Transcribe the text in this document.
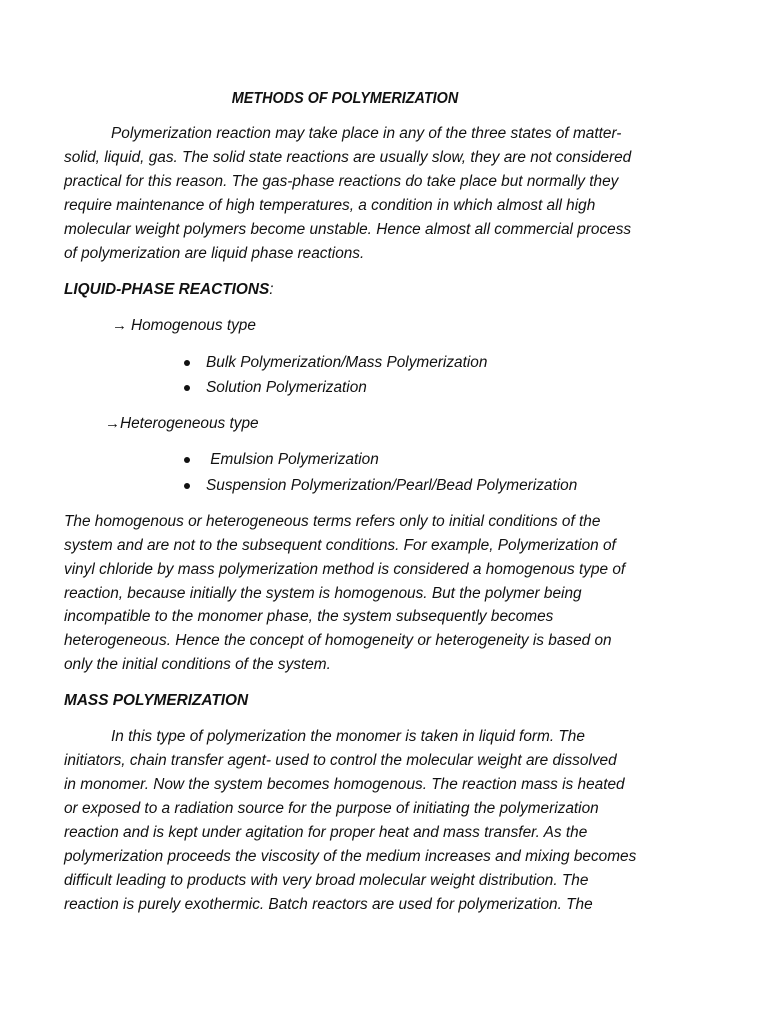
METHODS OF POLYMERIZATION
Polymerization reaction may take place in any of the three states of matter-
solid, liquid, gas. The solid state reactions are usually slow, they are not considered
practical for this reason. The gas-phase reactions do take place but normally they
require maintenance of high temperatures, a condition in which almost all high
molecular weight polymers become unstable. Hence almost all commercial process
of polymerization are liquid phase reactions.
LIQUID-PHASE REACTIONS:
→ Homogenous type
Bulk Polymerization/Mass Polymerization
Solution Polymerization
→ Heterogeneous type
Emulsion Polymerization
Suspension Polymerization/Pearl/Bead Polymerization
The homogenous or heterogeneous terms refers only to initial conditions of the
system and are not to the subsequent conditions. For example, Polymerization of
vinyl chloride by mass polymerization method is considered a homogenous type of
reaction, because initially the system is homogenous. But the polymer being
incompatible to the monomer phase, the system subsequently becomes
heterogeneous. Hence the concept of homogeneity or heterogeneity is based on
only the initial conditions of the system.
MASS POLYMERIZATION
In this type of polymerization the monomer is taken in liquid form. The
initiators, chain transfer agent- used to control the molecular weight are dissolved
in monomer. Now the system becomes homogenous. The reaction mass is heated
or exposed to a radiation source for the purpose of initiating the polymerization
reaction and is kept under agitation for proper heat and mass transfer. As the
polymerization proceeds the viscosity of the medium increases and mixing becomes
difficult leading to products with very broad molecular weight distribution. The
reaction is purely exothermic. Batch reactors are used for polymerization. The
